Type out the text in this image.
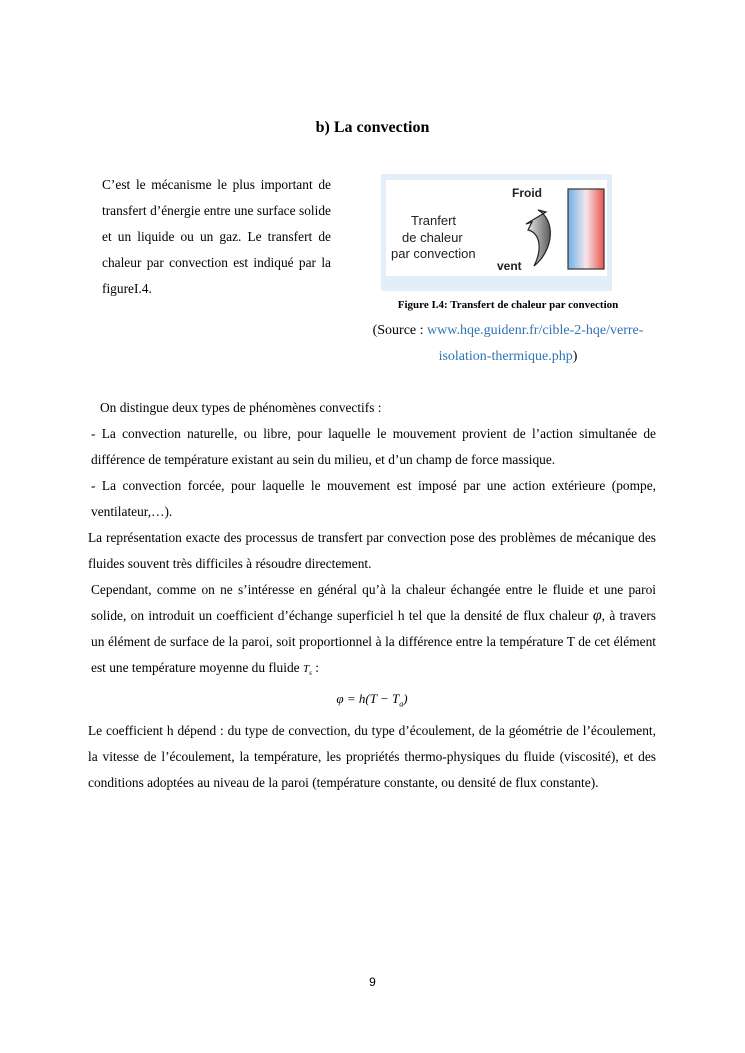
b) La convection
C’est le mécanisme le plus important de transfert d’énergie entre une surface solide et un liquide ou un gaz. Le transfert de chaleur par convection est indiqué par la figureI.4.
Froid
Tranfert
de chaleur
par convection
vent
Figure I.4: Transfert de chaleur par convection
(Source : www.hqe.guidenr.fr/cible-2-hqe/verre-
isolation-thermique.php)

On distingue deux types de phénomènes convectifs :

- La convection naturelle, ou libre, pour laquelle le mouvement provient de l’action simultanée de différence de température existant au sein du milieu, et d’un champ de force massique.

- La convection forcée, pour laquelle le mouvement est imposé par une action extérieure (pompe, ventilateur,…).

La représentation exacte des processus de transfert par convection pose des problèmes de mécanique des fluides souvent très difficiles à résoudre directement.

Cependant, comme on ne s’intéresse en général qu’à la chaleur échangée entre le fluide et une paroi solide, on introduit un coefficient d’échange superficiel h tel que la densité de flux chaleur φ, à travers un élément de surface de la paroi, soit proportionnel à la différence entre la température T de cet élément est une température moyenne du fluide $T_s$ :

$\varphi = h(T - T_a)$

Le coefficient h dépend : du type de convection, du type d’écoulement, de la géométrie de l’écoulement, la vitesse de l’écoulement, la température, les propriétés thermo-physiques du fluide (viscosité), et des conditions adoptées au niveau de la paroi (température constante, ou densité de flux constante).

9
